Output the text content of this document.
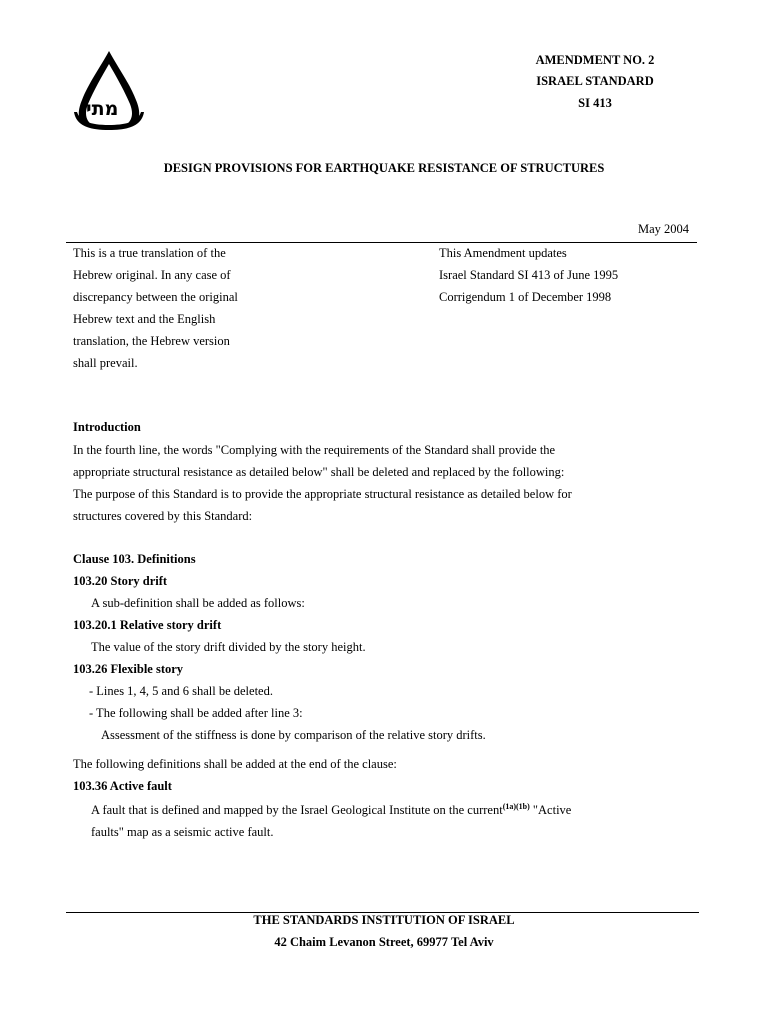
מתי
AMENDMENT NO. 2
ISRAEL STANDARD
SI 413
DESIGN PROVISIONS FOR EARTHQUAKE RESISTANCE OF STRUCTURES
May 2004
This is a true translation of the
Hebrew original. In any case of
discrepancy between the original
Hebrew text and the English
translation, the Hebrew version
shall prevail.
This Amendment updates
Israel Standard SI 413 of June 1995
Corrigendum 1 of December 1998
Introduction
In the fourth line, the words "Complying with the requirements of the Standard shall provide the
appropriate structural resistance as detailed below" shall be deleted and replaced by the following:
The purpose of this Standard is to provide the appropriate structural resistance as detailed below for
structures covered by this Standard:
Clause 103. Definitions
103.20 Story drift
A sub-definition shall be added as follows:
103.20.1 Relative story drift
The value of the story drift divided by the story height.
103.26 Flexible story
- Lines 1, 4, 5 and 6 shall be deleted.
- The following shall be added after line 3:
Assessment of the stiffness is done by comparison of the relative story drifts.
The following definitions shall be added at the end of the clause:
103.36 Active fault
A fault that is defined and mapped by the Israel Geological Institute on the current$^{(1a)(1b)}$ "Active
faults" map as a seismic active fault.
THE STANDARDS INSTITUTION OF ISRAEL
42 Chaim Levanon Street, 69977 Tel Aviv
